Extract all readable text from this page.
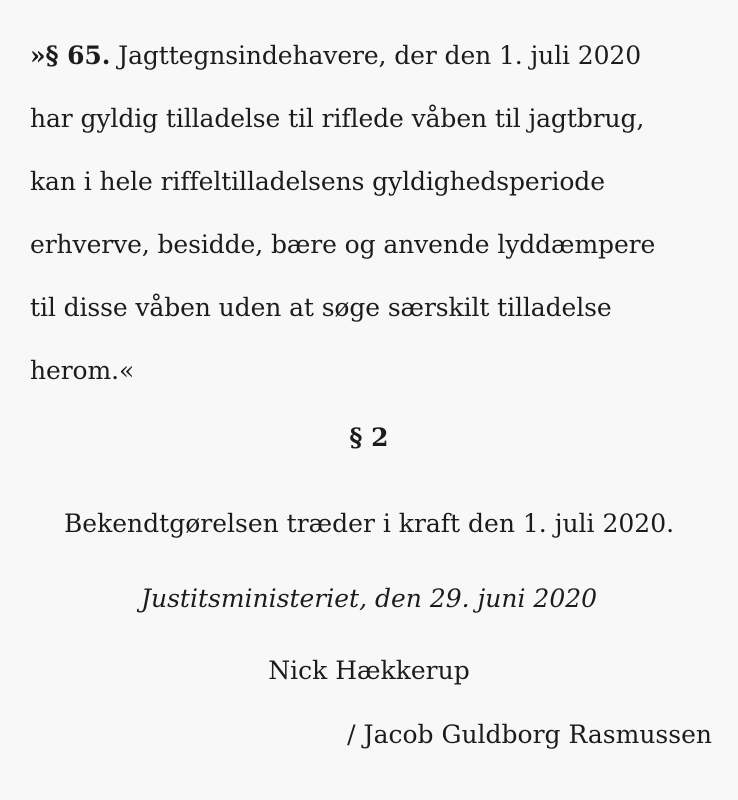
»§ 65. Jagttegnsindehavere, der den 1. juli 2020
har gyldig tilladelse til riflede våben til jagtbrug,
kan i hele riffeltilladelsens gyldighedsperiode
erhverve, besidde, bære og anvende lyddæmpere
til disse våben uden at søge særskilt tilladelse
herom.«
§ 2
Bekendtgørelsen træder i kraft den 1. juli 2020.
Justitsministeriet, den 29. juni 2020
Nick Hækkerup
/ Jacob Guldborg Rasmussen
